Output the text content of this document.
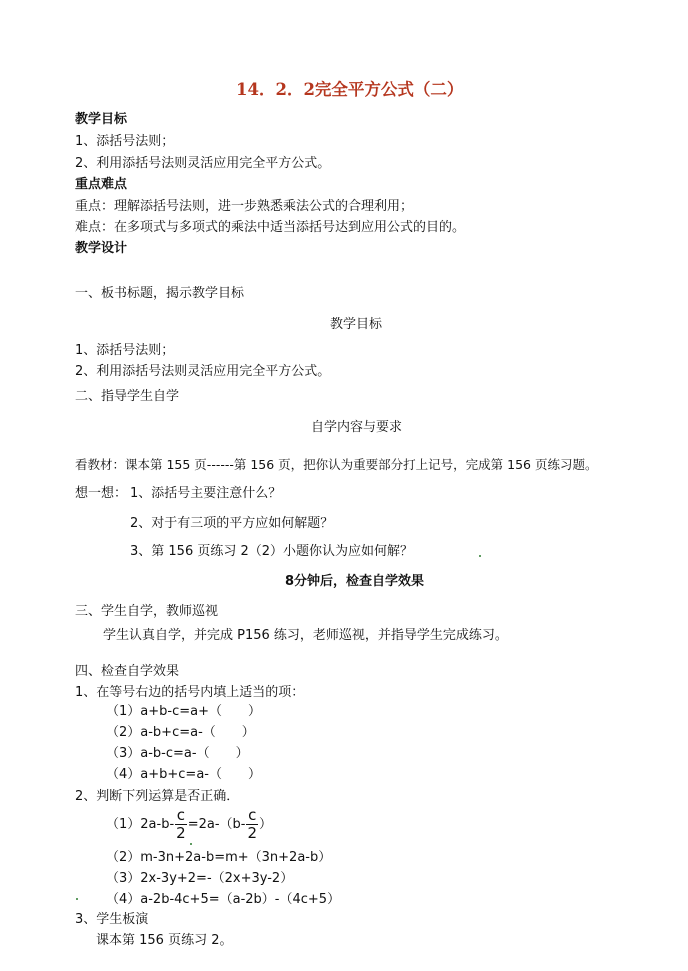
14．2．2完全平方公式（二）
教学目标
1、添括号法则；
2、利用添括号法则灵活应用完全平方公式。
重点难点
重点：理解添括号法则，进一步熟悉乘法公式的合理利用；
难点：在多项式与多项式的乘法中适当添括号达到应用公式的目的。
教学设计
一、板书标题，揭示教学目标
教学目标
1、添括号法则；
2、利用添括号法则灵活应用完全平方公式。
二、指导学生自学
自学内容与要求
看教材：课本第 155 页------第 156 页，把你认为重要部分打上记号，完成第 156 页练习题。
想一想： 1、添括号主要注意什么？
2、对于有三项的平方应如何解题？
3、第 156 页练习 2（2）小题你认为应如何解？
8分钟后，检查自学效果
三、学生自学，教师巡视
学生认真自学，并完成 P156 练习，老师巡视，并指导学生完成练习。
四、检查自学效果
1、在等号右边的括号内填上适当的项：
（1）a+b-c=a+（　　）
（2）a-b+c=a-（　　）
（3）a-b-c=a-（　　）
（4）a+b+c=a-（　　）
2、判断下列运算是否正确．
$(1)2a-b- \frac{c}{2} =2a-(b- \frac{c}{2}$ ）
（2）m-3n+2a-b=m+（3n+2a-b）
（3）2x-3y+2=-（2x+3y-2）
（4）a-2b-4c+5=（a-2b）-（4c+5）
3、学生板演
课本第 156 页练习 2。
